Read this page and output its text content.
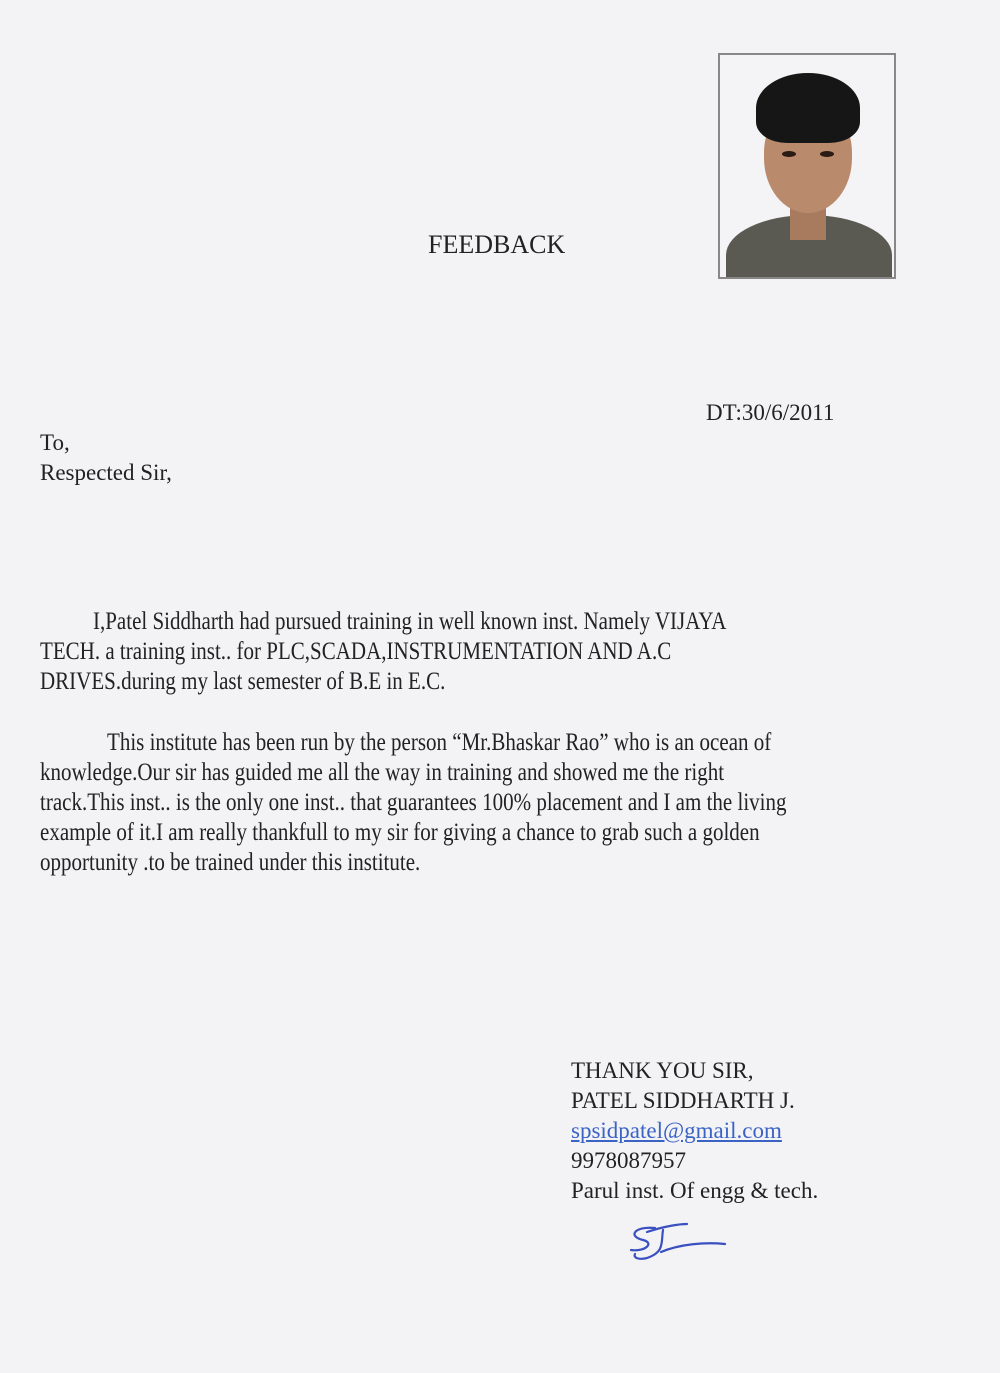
FEEDBACK
DT:30/6/2011
To,
Respected Sir,
I,Patel Siddharth had pursued training in well known inst. Namely VIJAYA
TECH. a training inst.. for PLC,SCADA,INSTRUMENTATION AND A.C
DRIVES.during my last semester of B.E in E.C.
This institute has been run by the person “Mr.Bhaskar Rao” who is an ocean of
knowledge.Our sir has guided me all the way in training and showed me the right
track.This inst.. is the only one inst.. that guarantees 100% placement and I am the living
example of it.I am really thankfull to my sir for giving a chance to grab such a golden
opportunity .to be trained under this institute.
THANK YOU SIR,
PATEL SIDDHARTH J.
spsidpatel@gmail.com
9978087957
Parul inst. Of engg & tech.
